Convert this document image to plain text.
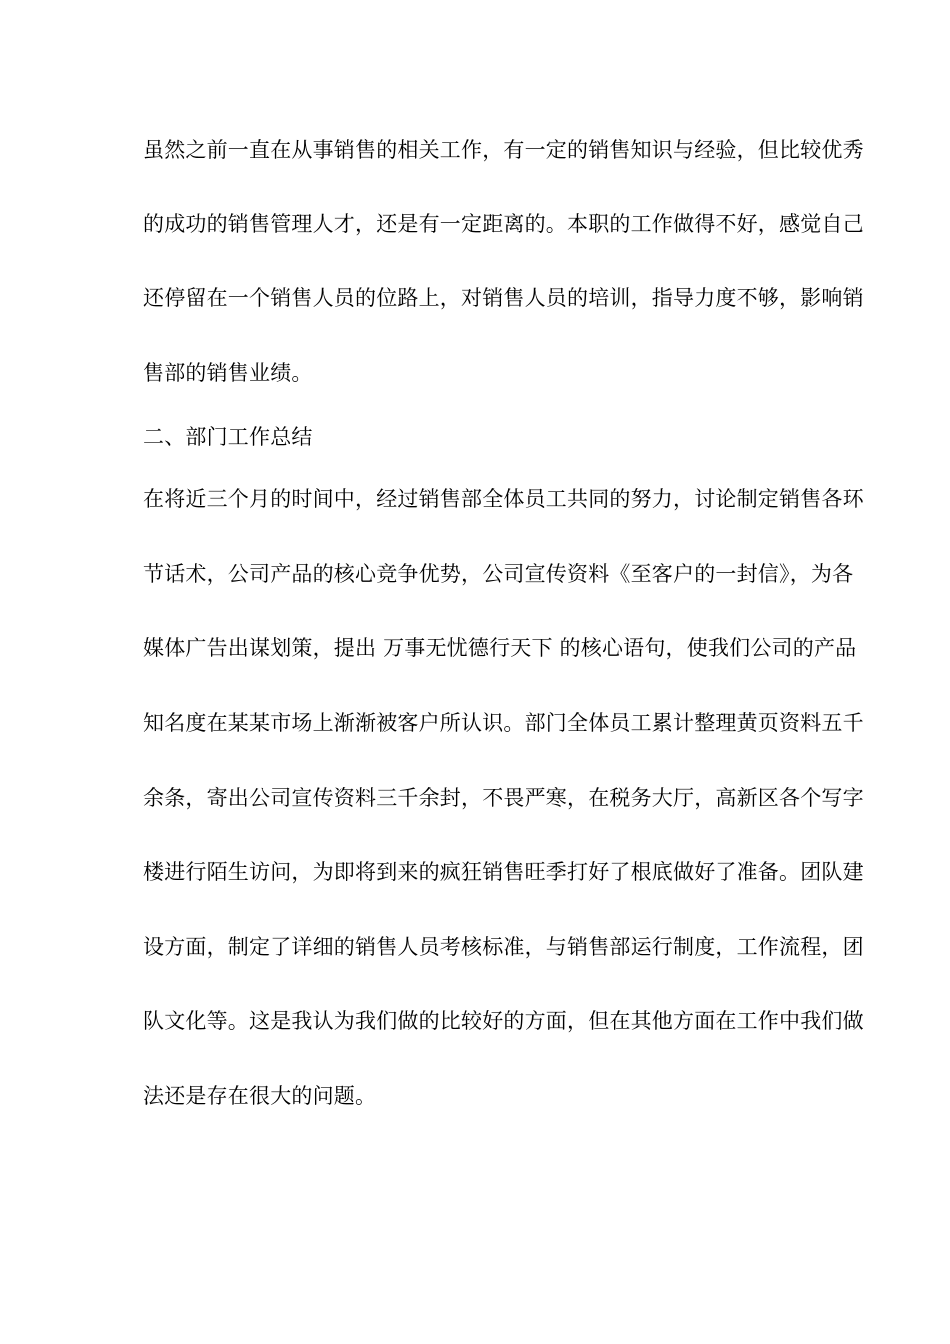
虽然之前一直在从事销售的相关工作，有一定的销售知识与经验，但比较优秀
的成功的销售管理人才，还是有一定距离的。本职的工作做得不好，感觉自己
还停留在一个销售人员的位路上，对销售人员的培训，指导力度不够，影响销
售部的销售业绩。
二、部门工作总结
在将近三个月的时间中，经过销售部全体员工共同的努力，讨论制定销售各环
节话术，公司产品的核心竞争优势，公司宣传资料《至客户的一封信》，为各
媒体广告出谋划策，提出 万事无忧德行天下 的核心语句，使我们公司的产品
知名度在某某市场上渐渐被客户所认识。部门全体员工累计整理黄页资料五千
余条，寄出公司宣传资料三千余封，不畏严寒，在税务大厅，高新区各个写字
楼进行陌生访问，为即将到来的疯狂销售旺季打好了根底做好了准备。团队建
设方面，制定了详细的销售人员考核标准，与销售部运行制度，工作流程，团
队文化等。这是我认为我们做的比较好的方面，但在其他方面在工作中我们做
法还是存在很大的问题。
